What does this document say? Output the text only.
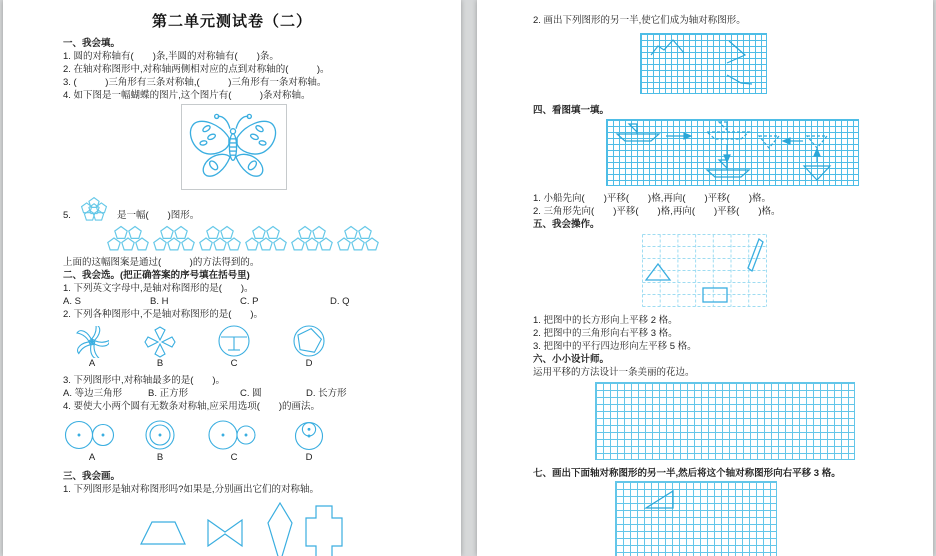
第二单元测试卷（二）
一、我会填。
1. 圆的对称轴有(　　)条,半圆的对称轴有(　　)条。
2. 在轴对称图形中,对称轴两侧相对应的点到对称轴的(　　　)。
3. (　　　)三角形有三条对称轴,(　　　)三角形有一条对称轴。
4. 如下图是一幅蝴蝶的图片,这个图片有(　　　)条对称轴。
5.	是一幅(　　)图形。
上面的这幅图案是通过(　　　)的方法得到的。
二、我会选。(把正确答案的序号填在括号里)
1. 下列英文字母中,是轴对称图形的是(　　)。
A. S	B. H	C. P	D. Q
2. 下列各种图形中,不是轴对称图形的是(　　)。
A	B	C	D
3. 下列图形中,对称轴最多的是(　　)。
A. 等边三角形	B. 正方形	C. 圆	D. 长方形
4. 要使大小两个圆有无数条对称轴,应采用选项(　　)的画法。
A	B	C	D
三、我会画。
1. 下列图形是轴对称图形吗?如果是,分别画出它们的对称轴。
2. 画出下列图形的另一半,使它们成为轴对称图形。
四、看图填一填。
1. 小船先向(　　)平移(　　)格,再向(　　)平移(　　)格。
2. 三角形先向(　　)平移(　　)格,再向(　　)平移(　　)格。
五、我会操作。
1. 把图中的长方形向上平移 2 格。
2. 把图中的三角形向右平移 3 格。
3. 把图中的平行四边形向左平移 5 格。
六、小小设计师。
运用平移的方法设计一条美丽的花边。
七、画出下面轴对称图形的另一半,然后将这个轴对称图形向右平移 3 格。
